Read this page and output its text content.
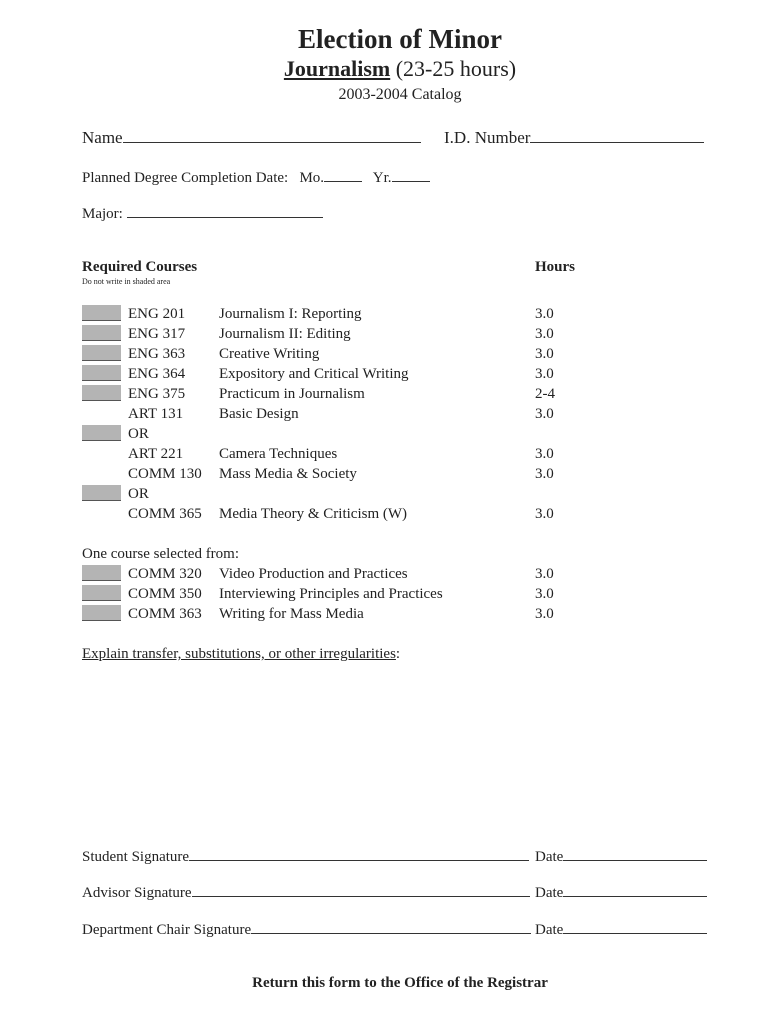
Election of Minor
Journalism (23-25 hours)
2003-2004 Catalog
Name	I.D. Number
Planned Degree Completion Date: Mo.	Yr.
Major:
Required Courses
Do not write in shaded area
Hours
ENG 201 Journalism I: Reporting	3.0
ENG 317 Journalism II: Editing	3.0
ENG 363 Creative Writing	3.0
ENG 364 Expository and Critical Writing	3.0
ENG 375 Practicum in Journalism	2-4
ART 131 Basic Design	3.0
OR
ART 221 Camera Techniques	3.0
COMM 130 Mass Media & Society	3.0
OR
COMM 365 Media Theory & Criticism (W)	3.0
One course selected from:
COMM 320 Video Production and Practices	3.0
COMM 350 Interviewing Principles and Practices	3.0
COMM 363 Writing for Mass Media	3.0
Explain transfer, substitutions, or other irregularities:
Student Signature	Date
Advisor Signature	Date
Department Chair Signature	Date
Return this form to the Office of the Registrar
